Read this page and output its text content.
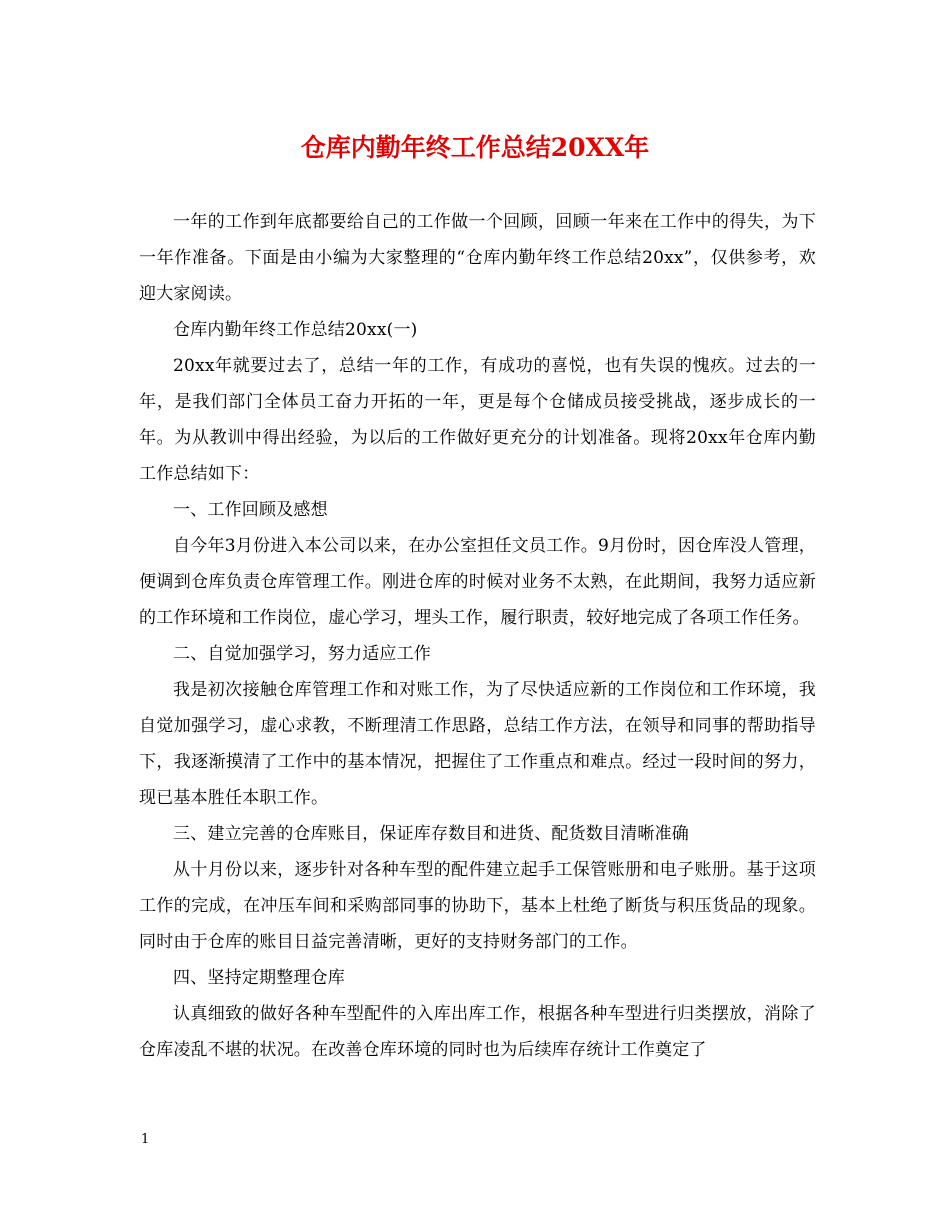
仓库内勤年终工作总结20XX年

一年的工作到年底都要给自己的工作做一个回顾，回顾一年来在工作中的得失，为下一年作准备。下面是由小编为大家整理的“仓库内勤年终工作总结20xx”，仅供参考，欢迎大家阅读。

仓库内勤年终工作总结20xx(一)

20xx年就要过去了，总结一年的工作，有成功的喜悦，也有失误的愧疚。过去的一年，是我们部门全体员工奋力开拓的一年，更是每个仓储成员接受挑战，逐步成长的一年。为从教训中得出经验，为以后的工作做好更充分的计划准备。现将20xx年仓库内勤工作总结如下：

一、工作回顾及感想

自今年3月份进入本公司以来，在办公室担任文员工作。9月份时，因仓库没人管理，便调到仓库负责仓库管理工作。刚进仓库的时候对业务不太熟，在此期间，我努力适应新的工作环境和工作岗位，虚心学习，埋头工作，履行职责，较好地完成了各项工作任务。

二、自觉加强学习，努力适应工作

我是初次接触仓库管理工作和对账工作，为了尽快适应新的工作岗位和工作环境，我自觉加强学习，虚心求教，不断理清工作思路，总结工作方法，在领导和同事的帮助指导下，我逐渐摸清了工作中的基本情况，把握住了工作重点和难点。经过一段时间的努力，现已基本胜任本职工作。

三、建立完善的仓库账目，保证库存数目和进货、配货数目清晰准确

从十月份以来，逐步针对各种车型的配件建立起手工保管账册和电子账册。基于这项工作的完成，在冲压车间和采购部同事的协助下，基本上杜绝了断货与积压货品的现象。同时由于仓库的账目日益完善清晰，更好的支持财务部门的工作。

四、坚持定期整理仓库

认真细致的做好各种车型配件的入库出库工作，根据各种车型进行归类摆放，消除了仓库凌乱不堪的状况。在改善仓库环境的同时也为后续库存统计工作奠定了

1
